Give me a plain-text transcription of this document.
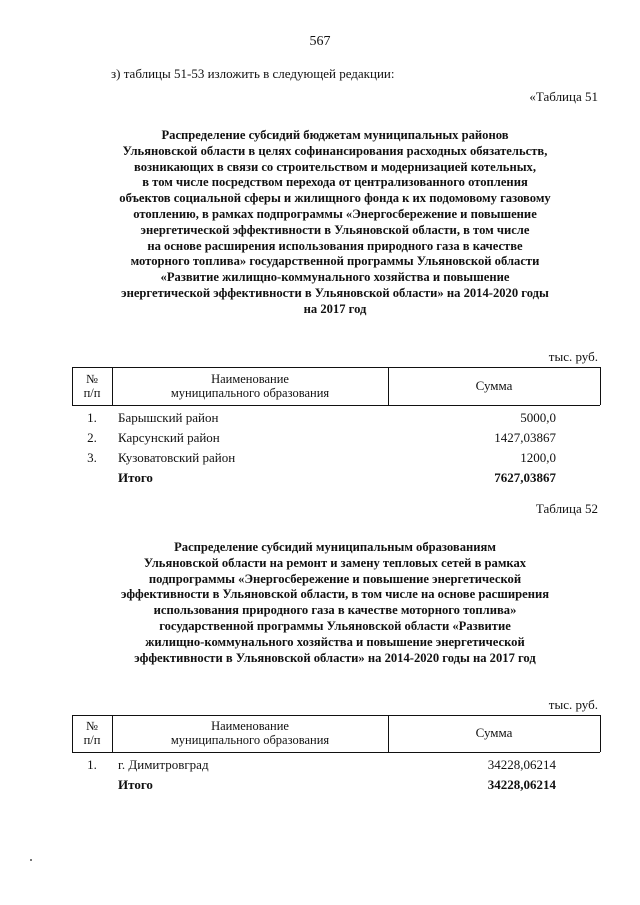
567
з) таблицы 51-53 изложить в следующей редакции:
«Таблица 51
Распределение субсидий бюджетам муниципальных районов
Ульяновской области в целях софинансирования расходных обязательств,
возникающих в связи со строительством и модернизацией котельных,
в том числе посредством перехода от централизованного отопления
объектов социальной сферы и жилищного фонда к их подомовому газовому
отоплению, в рамках подпрограммы «Энергосбережение и повышение
энергетической эффективности в Ульяновской области, в том числе
на основе расширения использования природного газа в качестве
моторного топлива» государственной программы Ульяновской области
«Развитие жилищно-коммунального хозяйства и повышение
энергетической эффективности в Ульяновской области» на 2014-2020 годы
на 2017 год
тыс. руб.
№
п/п
Наименование
муниципального образования	Сумма
1.	Барышский район	5000,0
2.	Карсунский район	1427,03867
3.	Кузоватовский район	1200,0
Итого	7627,03867
Таблица 52
Распределение субсидий муниципальным образованиям
Ульяновской области на ремонт и замену тепловых сетей в рамках
подпрограммы «Энергосбережение и повышение энергетической
эффективности в Ульяновской области, в том числе на основе расширения
использования природного газа в качестве моторного топлива»
государственной программы Ульяновской области «Развитие
жилищно-коммунального хозяйства и повышение энергетической
эффективности в Ульяновской области» на 2014-2020 годы на 2017 год
тыс. руб.
№
п/п
Наименование
муниципального образования	Сумма
1.	г. Димитровград	34228,06214
Итого	34228,06214
